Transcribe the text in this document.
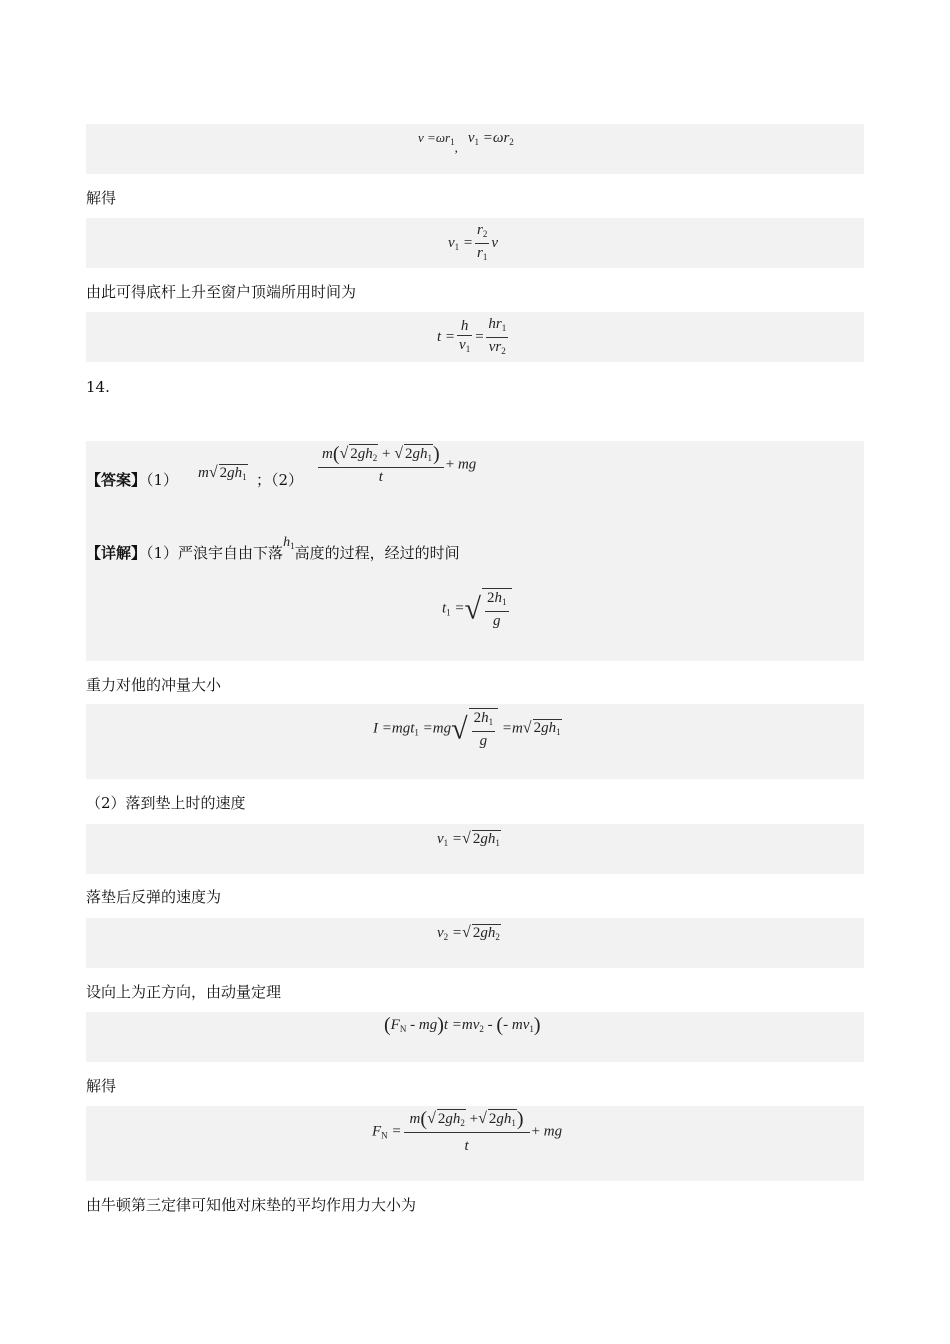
$v =\omega r_1,v_1 =\omega r_2$
解得
$v_1 = \frac{r_2}{r_1}$ v
由此可得底杆上升至窗户顶端所用时间为
$t = \frac{h}{v_1} = \frac{hr_1}{vr_2}$
14.
【答案】（1） m√ $2gh_1$ ；$(2) \frac{m(√ 2gh_2 + √ 2gh_1)}{t}$ + mg
【详解】（1）严浪宇自由下落$h_1$高度的过程，经过的时间
$t_1$ =√ $\frac{2h_1}{g}$
重力对他的冲量大小
$I =mgt_1 =mg√ \frac{2h_1}{g} =m√$ $2gh_1$
（2）落到垫上时的速度
$v_1$ =√ $2gh_1$
落垫后反弹的速度为
$v_2$ =√ $2gh_2$
设向上为正方向，由动量定理
$(F_N - mg)t =mv_2$ - (- $mv_1$)
解得
$F_N = \frac{m(√ 2gh_2 +√ 2gh_1)}{t}$ + mg
由牛顿第三定律可知他对床垫的平均作用力大小为
